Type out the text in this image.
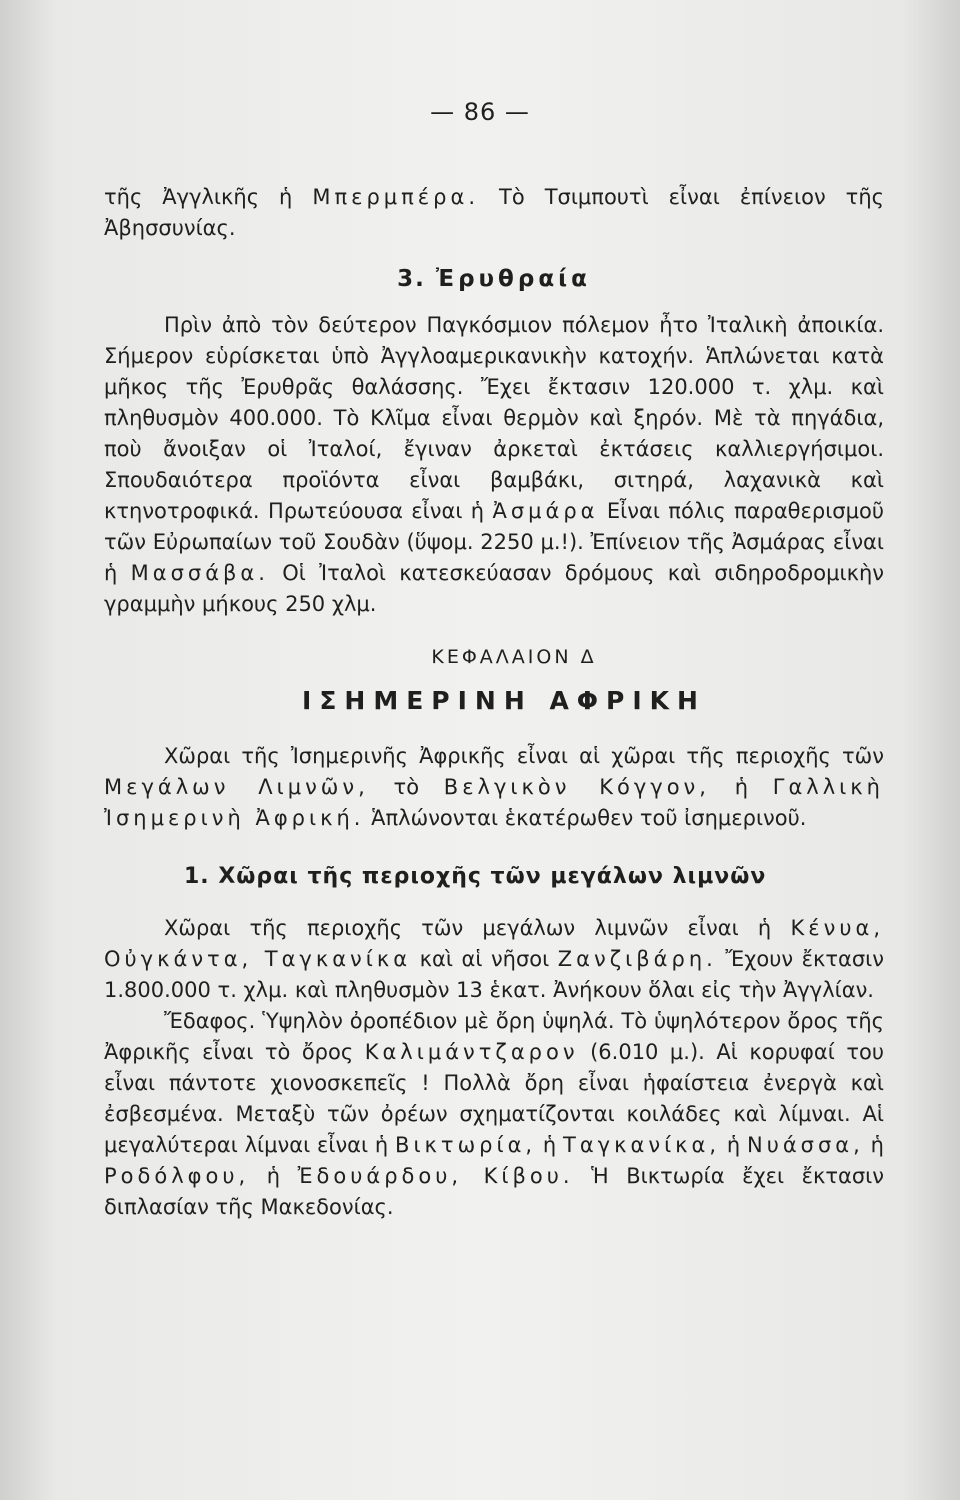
— 86 —

τῆς Ἀγγλικῆς ἡ Μπερμπέρα. Τὸ Τσιμπουτὶ εἶναι ἐπίνειον τῆς Ἀβησσυνίας.

3. Ἐρυθραία

Πρὶν ἀπὸ τὸν δεύτερον Παγκόσμιον πόλεμον ἦτο Ἰταλικὴ ἀποικία. Σήμερον εὑρίσκεται ὑπὸ Ἀγγλοαμερικανικὴν κατοχήν. Ἁπλώνεται κατὰ μῆκος τῆς Ἐρυθρᾶς θαλάσσης. Ἔχει ἔκτασιν 120.000 τ. χλμ. καὶ πληθυσμὸν 400.000. Τὸ Κλῖμα εἶναι θερμὸν καὶ ξηρόν. Μὲ τὰ πηγάδια, ποὺ ἄνοιξαν οἱ Ἰταλοί, ἔγιναν ἀρκεταὶ ἐκτάσεις καλλιεργήσιμοι. Σπουδαιότερα προϊόντα εἶναι βαμβάκι, σιτηρά, λαχανικὰ καὶ κτηνοτροφικά. Πρωτεύουσα εἶναι ἡ Ἀσμάρα Εἶναι πόλις παραθερισμοῦ τῶν Εὐρωπαίων τοῦ Σουδὰν (ὕψομ. 2250 μ.!). Ἐπίνειον τῆς Ἀσμάρας εἶναι ἡ Μασσάβα. Οἱ Ἰταλοὶ κατεσκεύασαν δρόμους καὶ σιδηροδρομικὴν γραμμὴν μήκους 250 χλμ.

ΚΕΦΑΛΑΙΟΝ Δ
ΙΣΗΜΕΡΙΝΗ ΑΦΡΙΚΗ

Χῶραι τῆς Ἰσημερινῆς Ἀφρικῆς εἶναι αἱ χῶραι τῆς περιοχῆς τῶν Μεγάλων Λιμνῶν, τὸ Βελγικὸν Κόγγον, ἡ Γαλλικὴ Ἰσημερινὴ Ἀφρική. Ἁπλώνονται ἑκατέρωθεν τοῦ ἰσημερινοῦ.

1. Χῶραι τῆς περιοχῆς τῶν μεγάλων λιμνῶν

Χῶραι τῆς περιοχῆς τῶν μεγάλων λιμνῶν εἶναι ἡ Κένυα, Οὐγκάντα, Ταγκανίκα καὶ αἱ νῆσοι Ζανζιβάρη. Ἔχουν ἔκτασιν 1.800.000 τ. χλμ. καὶ πληθυσμὸν 13 ἑκατ. Ἀνήκουν ὅλαι εἰς τὴν Ἀγγλίαν.

Ἔδαφος. Ὑψηλὸν ὀροπέδιον μὲ ὄρη ὑψηλά. Τὸ ὑψηλότερον ὄρος τῆς Ἀφρικῆς εἶναι τὸ ὄρος Καλιμάντζαρον (6.010 μ.). Αἱ κορυφαί του εἶναι πάντοτε χιονοσκεπεῖς ! Πολλὰ ὄρη εἶναι ἡφαίστεια ἐνεργὰ καὶ ἐσβεσμένα. Μεταξὺ τῶν ὀρέων σχηματίζονται κοιλάδες καὶ λίμναι. Αἱ μεγαλύτεραι λίμναι εἶναι ἡ Βικτωρία, ἡ Ταγκανίκα, ἡ Νυάσσα, ἡ Ροδόλφου, ἡ Ἐδουάρδου, Κίβου. Ἡ Βικτωρία ἔχει ἔκτασιν διπλασίαν τῆς Μακεδονίας.
